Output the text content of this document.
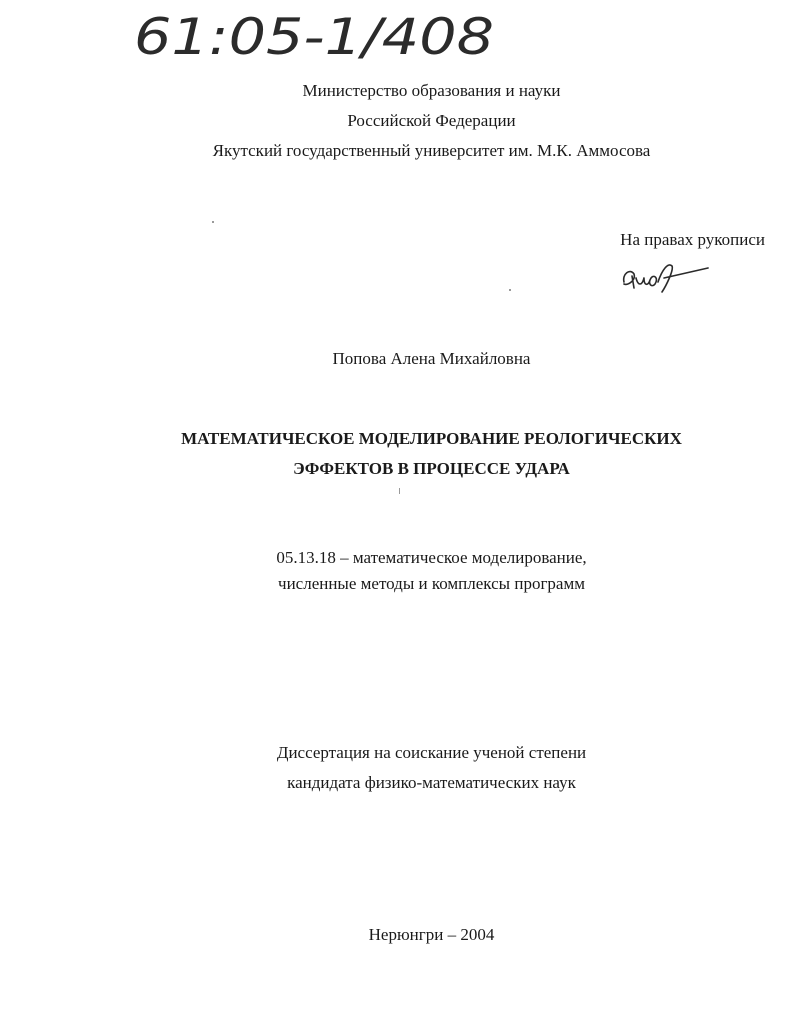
61:05-1/408
Министерство образования и науки
Российской Федерации
Якутский государственный университет им. М.К. Аммосова
На правах рукописи
Попова Алена Михайловна
МАТЕМАТИЧЕСКОЕ МОДЕЛИРОВАНИЕ РЕОЛОГИЧЕСКИХ
ЭФФЕКТОВ В ПРОЦЕССЕ УДАРА
05.13.18 – математическое моделирование,
численные методы и комплексы программ
Диссертация на соискание ученой степени
кандидата физико-математических наук
Нерюнгри – 2004
